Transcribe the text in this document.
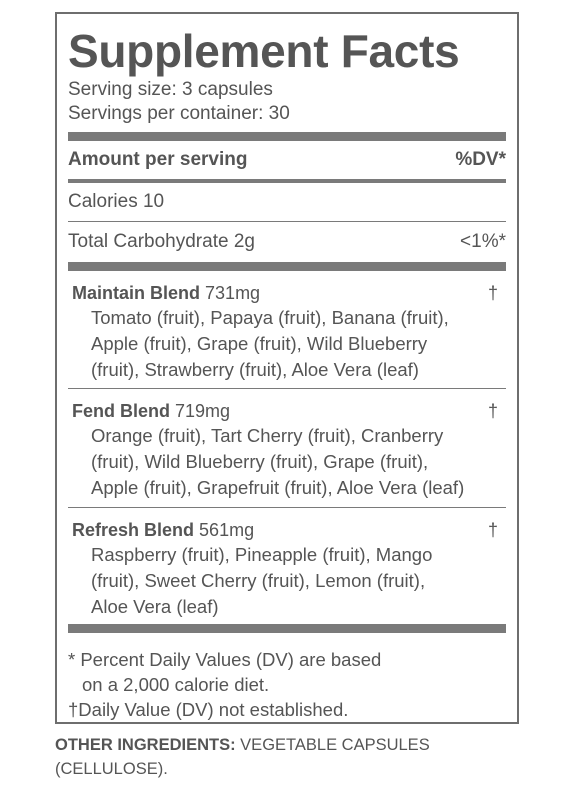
Supplement Facts
Serving size: 3 capsules
Servings per container: 30
Amount per serving	%DV*
Calories 10
Total Carbohydrate 2g	<1%*
Maintain Blend 731mg	†
Tomato (fruit), Papaya (fruit), Banana (fruit),
Apple (fruit), Grape (fruit), Wild Blueberry
(fruit), Strawberry (fruit), Aloe Vera (leaf)
Fend Blend 719mg	†
Orange (fruit), Tart Cherry (fruit), Cranberry
(fruit), Wild Blueberry (fruit), Grape (fruit),
Apple (fruit), Grapefruit (fruit), Aloe Vera (leaf)
Refresh Blend 561mg	†
Raspberry (fruit), Pineapple (fruit), Mango
(fruit), Sweet Cherry (fruit), Lemon (fruit),
Aloe Vera (leaf)
* Percent Daily Values (DV) are based
on a 2,000 calorie diet.
†Daily Value (DV) not established.
OTHER INGREDIENTS: VEGETABLE CAPSULES (CELLULOSE).
